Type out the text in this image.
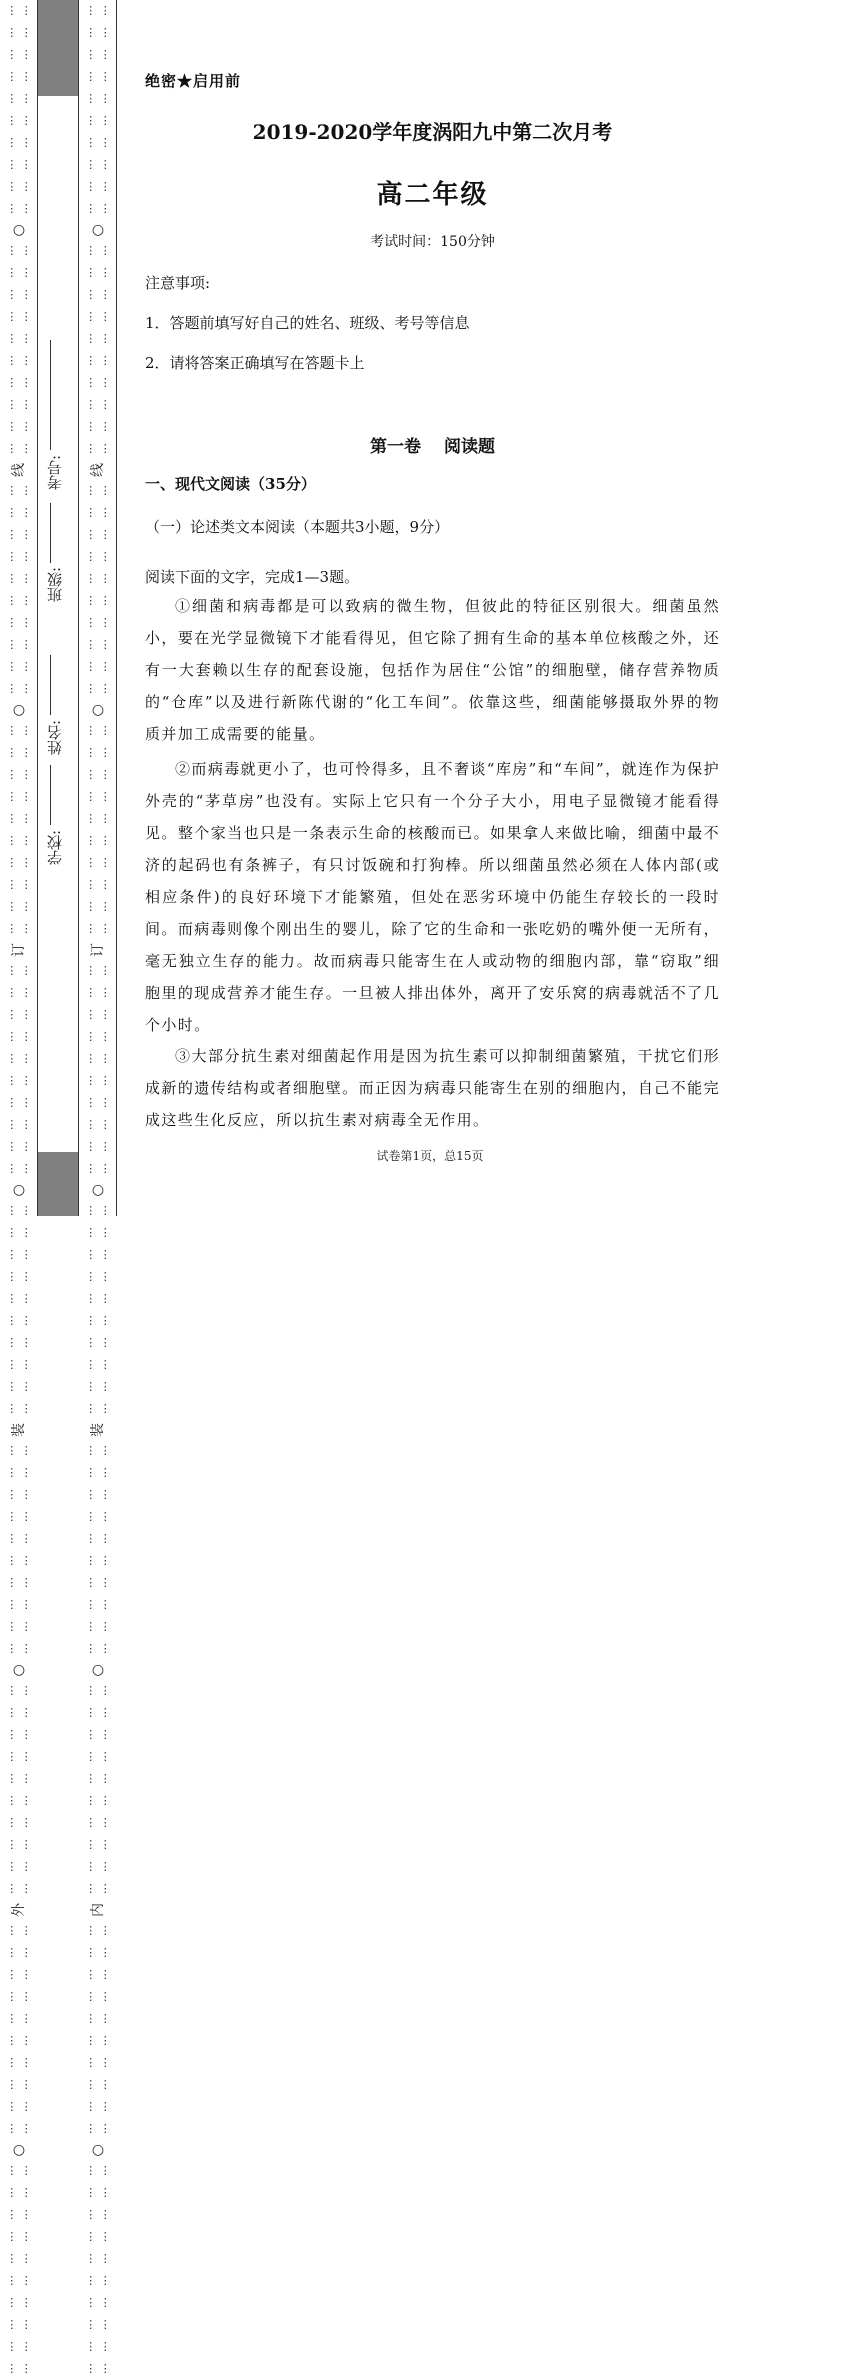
⋮ ⋮ ⋮ ⋮ ⋮ ⋮ ⋮ ⋮ ⋮ ⋮ ⋮ ⋮ ⋮ ⋮ ⋮ ⋮ ⋮ ⋮ ⋮ ⋮
○
⋮ ⋮ ⋮ ⋮ ⋮ ⋮ ⋮ ⋮ ⋮ ⋮ ⋮ ⋮ ⋮ ⋮ ⋮ ⋮ ⋮ ⋮ ⋮ ⋮
线
⋮ ⋮ ⋮ ⋮ ⋮ ⋮ ⋮ ⋮ ⋮ ⋮ ⋮ ⋮ ⋮ ⋮ ⋮ ⋮ ⋮ ⋮ ⋮ ⋮
○
⋮ ⋮ ⋮ ⋮ ⋮ ⋮ ⋮ ⋮ ⋮ ⋮ ⋮ ⋮ ⋮ ⋮ ⋮ ⋮ ⋮ ⋮ ⋮ ⋮
订
⋮ ⋮ ⋮ ⋮ ⋮ ⋮ ⋮ ⋮ ⋮ ⋮ ⋮ ⋮ ⋮ ⋮ ⋮ ⋮ ⋮ ⋮ ⋮ ⋮
○
⋮ ⋮ ⋮ ⋮ ⋮ ⋮ ⋮ ⋮ ⋮ ⋮ ⋮ ⋮ ⋮ ⋮ ⋮ ⋮ ⋮ ⋮ ⋮ ⋮
装
⋮ ⋮ ⋮ ⋮ ⋮ ⋮ ⋮ ⋮ ⋮ ⋮ ⋮ ⋮ ⋮ ⋮ ⋮ ⋮ ⋮ ⋮ ⋮ ⋮
○
⋮ ⋮ ⋮ ⋮ ⋮ ⋮ ⋮ ⋮ ⋮ ⋮ ⋮ ⋮ ⋮ ⋮ ⋮ ⋮ ⋮ ⋮ ⋮ ⋮
外
⋮ ⋮ ⋮ ⋮ ⋮ ⋮ ⋮ ⋮ ⋮ ⋮ ⋮ ⋮ ⋮ ⋮ ⋮ ⋮ ⋮ ⋮ ⋮ ⋮
○
⋮ ⋮ ⋮ ⋮ ⋮ ⋮ ⋮ ⋮ ⋮ ⋮ ⋮ ⋮ ⋮ ⋮ ⋮ ⋮ ⋮ ⋮ ⋮ ⋮
⋮ ⋮ ⋮ ⋮ ⋮ ⋮ ⋮ ⋮ ⋮ ⋮ ⋮ ⋮ ⋮ ⋮ ⋮ ⋮ ⋮ ⋮ ⋮ ⋮
○
⋮ ⋮ ⋮ ⋮ ⋮ ⋮ ⋮ ⋮ ⋮ ⋮ ⋮ ⋮ ⋮ ⋮ ⋮ ⋮ ⋮ ⋮ ⋮ ⋮
线
⋮ ⋮ ⋮ ⋮ ⋮ ⋮ ⋮ ⋮ ⋮ ⋮ ⋮ ⋮ ⋮ ⋮ ⋮ ⋮ ⋮ ⋮ ⋮ ⋮
○
⋮ ⋮ ⋮ ⋮ ⋮ ⋮ ⋮ ⋮ ⋮ ⋮ ⋮ ⋮ ⋮ ⋮ ⋮ ⋮ ⋮ ⋮ ⋮ ⋮
订
⋮ ⋮ ⋮ ⋮ ⋮ ⋮ ⋮ ⋮ ⋮ ⋮ ⋮ ⋮ ⋮ ⋮ ⋮ ⋮ ⋮ ⋮ ⋮ ⋮
○
⋮ ⋮ ⋮ ⋮ ⋮ ⋮ ⋮ ⋮ ⋮ ⋮ ⋮ ⋮ ⋮ ⋮ ⋮ ⋮ ⋮ ⋮ ⋮ ⋮
装
⋮ ⋮ ⋮ ⋮ ⋮ ⋮ ⋮ ⋮ ⋮ ⋮ ⋮ ⋮ ⋮ ⋮ ⋮ ⋮ ⋮ ⋮ ⋮ ⋮
○
⋮ ⋮ ⋮ ⋮ ⋮ ⋮ ⋮ ⋮ ⋮ ⋮ ⋮ ⋮ ⋮ ⋮ ⋮ ⋮ ⋮ ⋮ ⋮ ⋮
内
⋮ ⋮ ⋮ ⋮ ⋮ ⋮ ⋮ ⋮ ⋮ ⋮ ⋮ ⋮ ⋮ ⋮ ⋮ ⋮ ⋮ ⋮ ⋮ ⋮
○
⋮ ⋮ ⋮ ⋮ ⋮ ⋮ ⋮ ⋮ ⋮ ⋮ ⋮ ⋮ ⋮ ⋮ ⋮ ⋮ ⋮ ⋮ ⋮ ⋮
考号:
班级:
姓名:
学校:
绝密★启用前
2019-2020学年度涡阳九中第二次月考
高二年级
考试时间：150分钟
注意事项:
1．答题前填写好自己的姓名、班级、考号等信息
2．请将答案正确填写在答题卡上
第一卷　 阅读题
一、现代文阅读（35分）
（一）论述类文本阅读（本题共3小题，9分）
阅读下面的文字，完成1—3题。

①细菌和病毒都是可以致病的微生物，但彼此的特征区别很大。细菌虽然小，要在光学显微镜下才能看得见，但它除了拥有生命的基本单位核酸之外，还有一大套赖以生存的配套设施，包括作为居住“公馆”的细胞壁，储存营养物质的“仓库”以及进行新陈代谢的“化工车间”。依靠这些，细菌能够摄取外界的物质并加工成需要的能量。

②而病毒就更小了，也可怜得多，且不奢谈“库房”和“车间”，就连作为保护外壳的“茅草房”也没有。实际上它只有一个分子大小，用电子显微镜才能看得见。整个家当也只是一条表示生命的核酸而已。如果拿人来做比喻，细菌中最不济的起码也有条裤子，有只讨饭碗和打狗棒。所以细菌虽然必须在人体内部(或相应条件)的良好环境下才能繁殖，但处在恶劣环境中仍能生存较长的一段时间。而病毒则像个刚出生的婴儿，除了它的生命和一张吃奶的嘴外便一无所有，毫无独立生存的能力。故而病毒只能寄生在人或动物的细胞内部，靠“窃取”细胞里的现成营养才能生存。一旦被人排出体外，离开了安乐窝的病毒就活不了几个小时。

③大部分抗生素对细菌起作用是因为抗生素可以抑制细菌繁殖，干扰它们形成新的遗传结构或者细胞壁。而正因为病毒只能寄生在别的细胞内，自己不能完成这些生化反应，所以抗生素对病毒全无作用。

试卷第1页，总15页
